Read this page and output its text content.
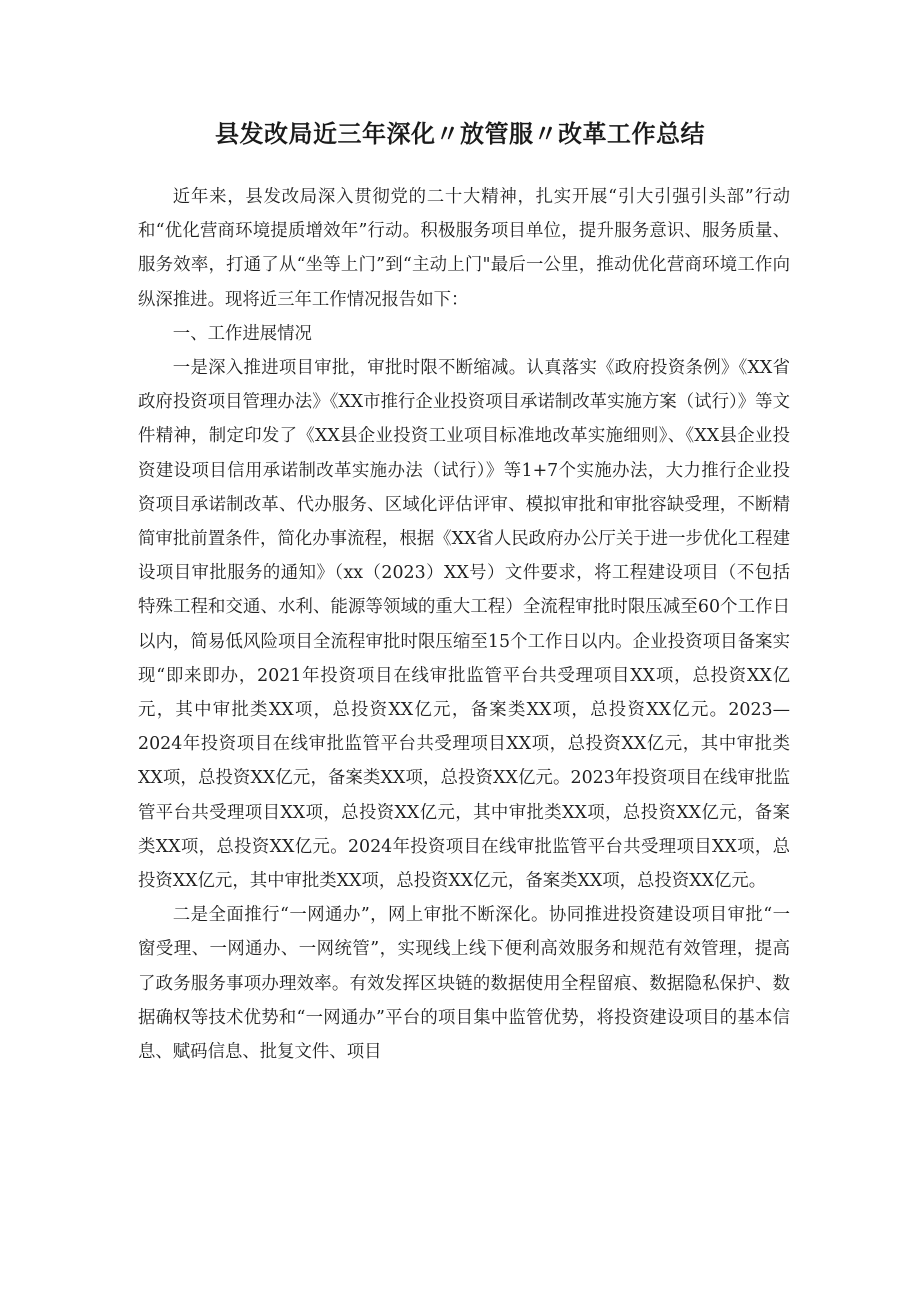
县发改局近三年深化〃放管服〃改革工作总结

近年来，县发改局深入贯彻党的二十大精神，扎实开展“引大引强引头部”行动和“优化营商环境提质增效年”行动。积极服务项目单位，提升服务意识、服务质量、服务效率，打通了从“坐等上门”到“主动上门"最后一公里，推动优化营商环境工作向纵深推进。现将近三年工作情况报告如下：

一、工作进展情况

一是深入推进项目审批，审批时限不断缩减。认真落实《政府投资条例》《XX省政府投资项目管理办法》《XX市推行企业投资项目承诺制改革实施方案（试行）》等文件精神，制定印发了《XX县企业投资工业项目标准地改革实施细则》、《XX县企业投资建设项目信用承诺制改革实施办法（试行）》等1+7个实施办法，大力推行企业投资项目承诺制改革、代办服务、区域化评估评审、模拟审批和审批容缺受理，不断精简审批前置条件，简化办事流程，根据《XX省人民政府办公厅关于进一步优化工程建设项目审批服务的通知》（xx（2023）XX号）文件要求，将工程建设项目（不包括特殊工程和交通、水利、能源等领域的重大工程）全流程审批时限压减至60个工作日以内，简易低风险项目全流程审批时限压缩至15个工作日以内。企业投资项目备案实现“即来即办，2021年投资项目在线审批监管平台共受理项目XX项，总投资XX亿元，其中审批类XX项，总投资XX亿元，备案类XX项，总投资XX亿元。2023—2024年投资项目在线审批监管平台共受理项目XX项，总投资XX亿元，其中审批类XX项，总投资XX亿元，备案类XX项，总投资XX亿元。2023年投资项目在线审批监管平台共受理项目XX项，总投资XX亿元，其中审批类XX项，总投资XX亿元，备案类XX项，总投资XX亿元。2024年投资项目在线审批监管平台共受理项目XX项，总投资XX亿元，其中审批类XX项，总投资XX亿元，备案类XX项，总投资XX亿元。

二是全面推行“一网通办”，网上审批不断深化。协同推进投资建设项目审批“一窗受理、一网通办、一网统管”，实现线上线下便利高效服务和规范有效管理，提高了政务服务事项办理效率。有效发挥区块链的数据使用全程留痕、数据隐私保护、数据确权等技术优势和“一网通办”平台的项目集中监管优势，将投资建设项目的基本信息、赋码信息、批复文件、项目
